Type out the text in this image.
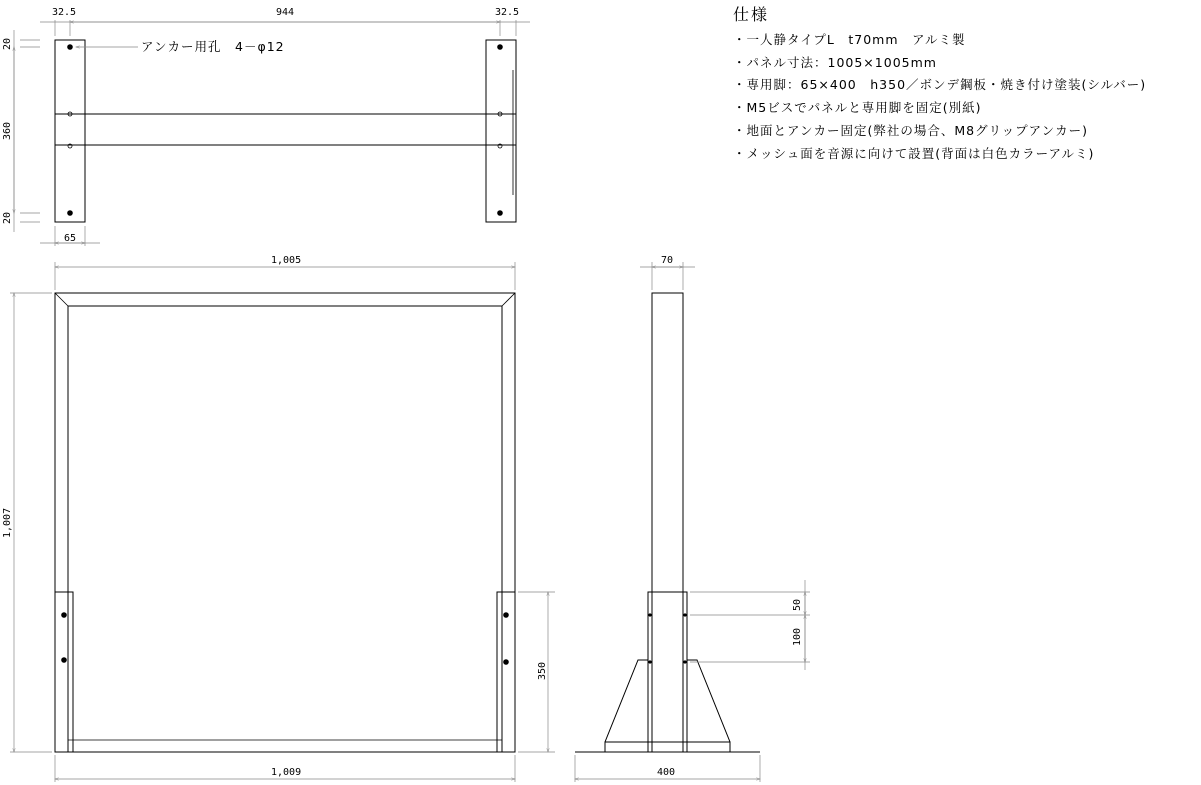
アンカー用孔　4－φ12
32.5	944	32.5
20
360
20
65
1,005
1,007
350
1,009
70
50
100
400
仕様
・一人静タイプL　t70mm　アルミ製
・パネル寸法：1005×1005mm
・専用脚：65×400　h350／ボンデ鋼板・焼き付け塗装(シルバー)
・M5ビスでパネルと専用脚を固定(別紙)
・地面とアンカー固定(弊社の場合、M8グリップアンカー)
・メッシュ面を音源に向けて設置(背面は白色カラーアルミ)
